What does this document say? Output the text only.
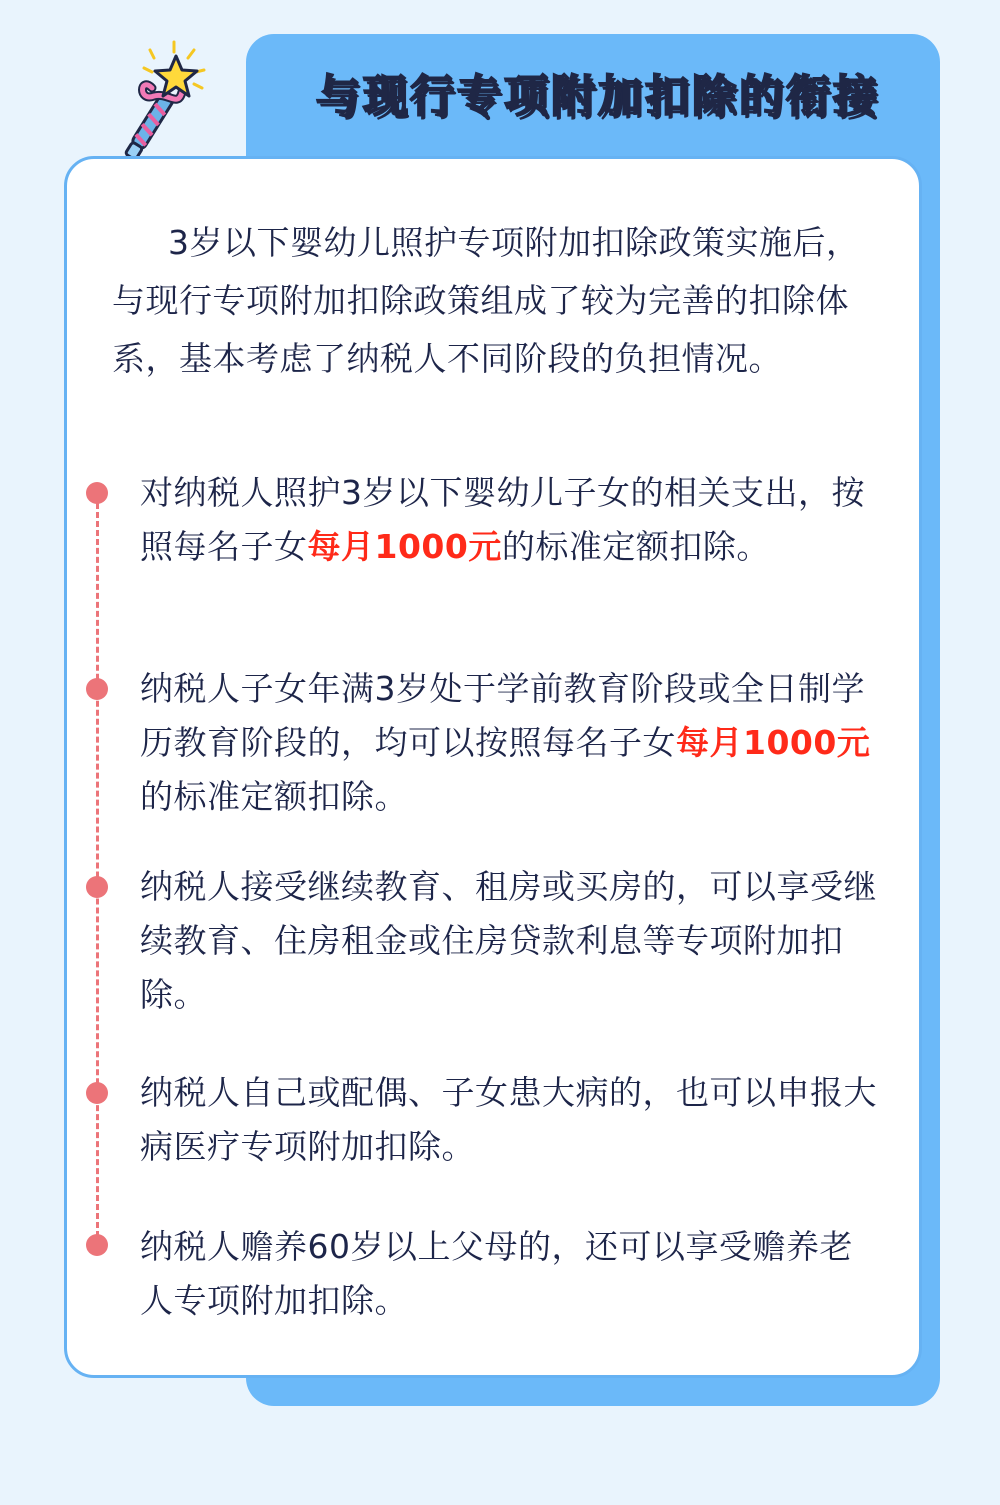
与现行专项附加扣除的衔接

3岁以下婴幼儿照护专项附加扣除政策实施后，与现行专项附加扣除政策组成了较为完善的扣除体系，基本考虑了纳税人不同阶段的负担情况。

对纳税人照护3岁以下婴幼儿子女的相关支出，按照每名子女每月1000元的标准定额扣除。

纳税人子女年满3岁处于学前教育阶段或全日制学历教育阶段的，均可以按照每名子女每月1000元的标准定额扣除。

纳税人接受继续教育、租房或买房的，可以享受继续教育、住房租金或住房贷款利息等专项附加扣除。

纳税人自己或配偶、子女患大病的，也可以申报大病医疗专项附加扣除。

纳税人赡养60岁以上父母的，还可以享受赡养老人专项附加扣除。
